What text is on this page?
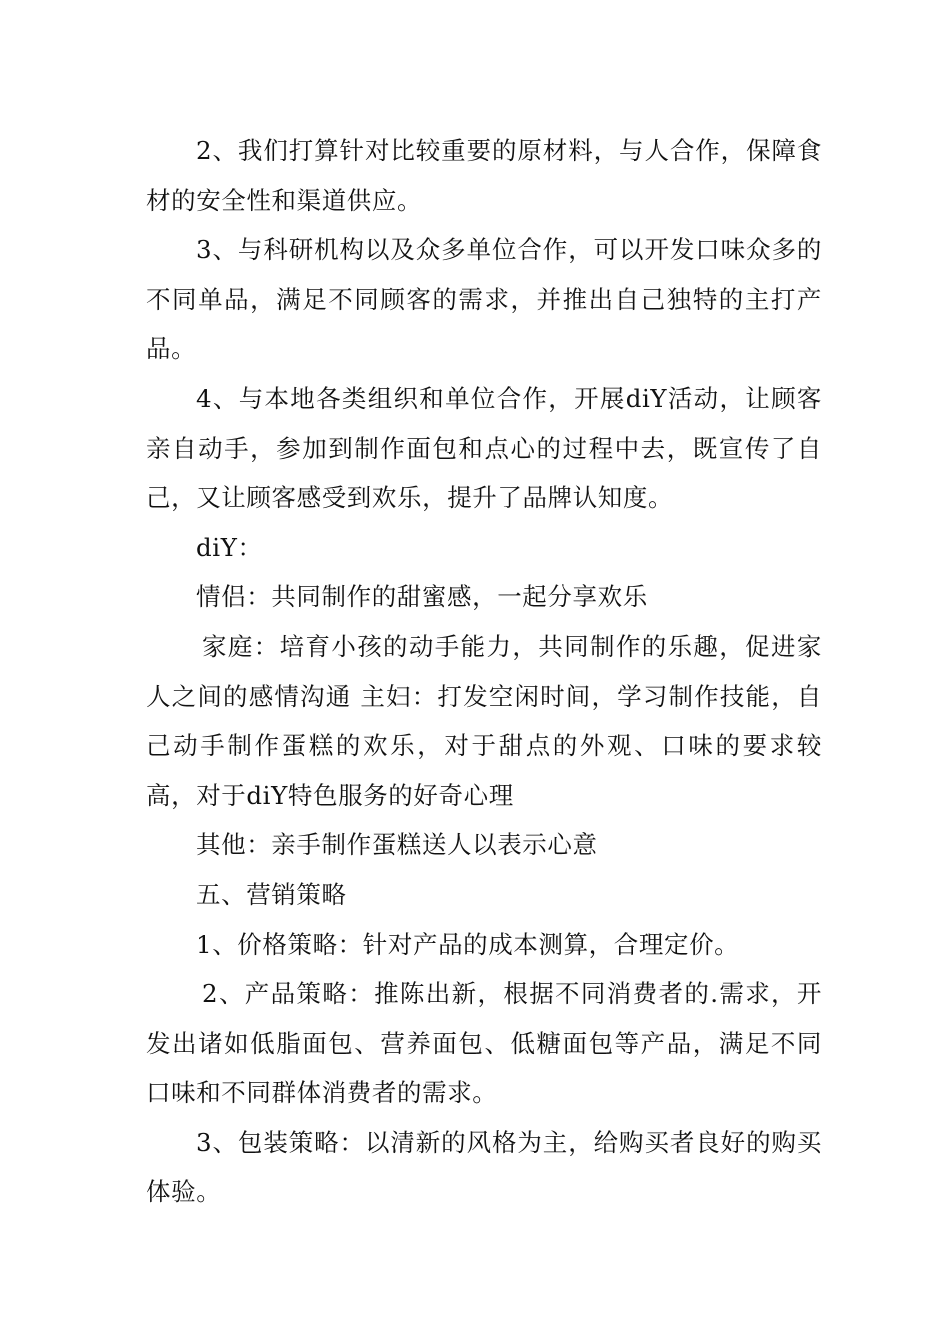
2、我们打算针对比较重要的原材料，与人合作，保障食材的安全性和渠道供应。

3、与科研机构以及众多单位合作，可以开发口味众多的不同单品，满足不同顾客的需求，并推出自己独特的主打产品。

4、与本地各类组织和单位合作，开展diY活动，让顾客亲自动手，参加到制作面包和点心的过程中去，既宣传了自己，又让顾客感受到欢乐，提升了品牌认知度。

diY：

情侣：共同制作的甜蜜感，一起分享欢乐

家庭：培育小孩的动手能力，共同制作的乐趣，促进家人之间的感情沟通 主妇：打发空闲时间，学习制作技能，自己动手制作蛋糕的欢乐，对于甜点的外观、口味的要求较高，对于diY特色服务的好奇心理

其他：亲手制作蛋糕送人以表示心意

五、营销策略

1、价格策略：针对产品的成本测算，合理定价。

2、产品策略：推陈出新，根据不同消费者的.需求，开发出诸如低脂面包、营养面包、低糖面包等产品，满足不同口味和不同群体消费者的需求。

3、包装策略：以清新的风格为主，给购买者良好的购买体验。
